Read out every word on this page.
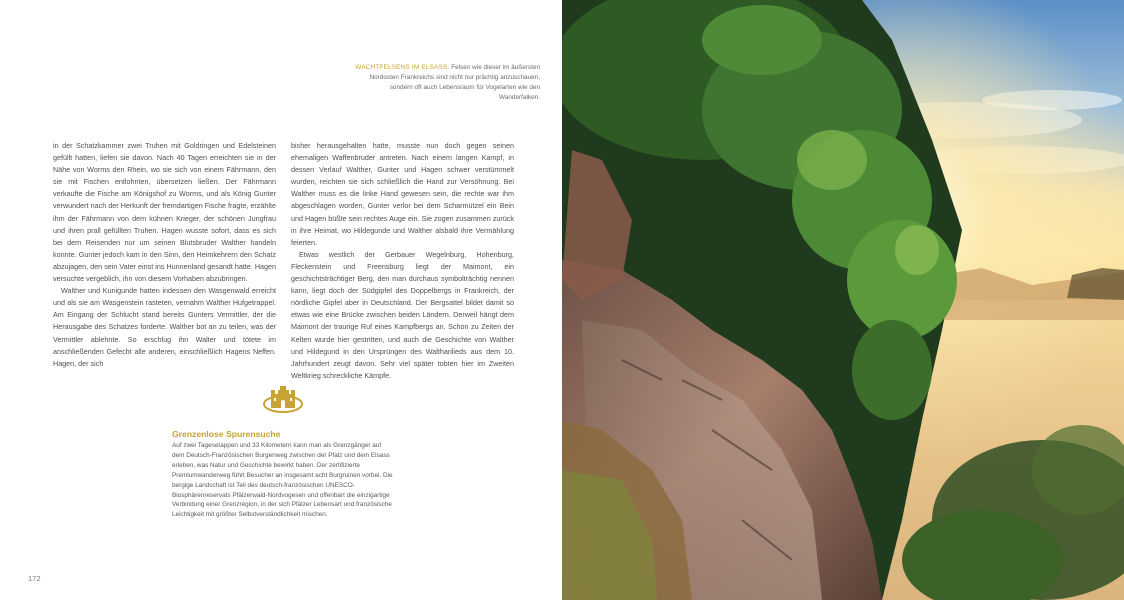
WACHTFELSENS IM ELSASS: Felsen wie dieser im äußersten Nordosten Frankreichs sind nicht nur prächtig anzuschauen, sondern oft auch Lebensraum für Vogelarten wie den Wanderfalken.

in der Schatzkammer zwei Truhen mit Goldringen und Edelsteinen gefüllt hatten, liefen sie davon. Nach 40 Tagen erreichten sie in der Nähe von Worms den Rhein, wo sie sich von einem Fährmann, den sie mit Fischen entlohnten, übersetzen ließen. Der Fährmann verkaufte die Fische am Königshof zu Worms, und als König Gunter verwundert nach der Herkunft der fremdartigen Fische fragte, erzählte ihm der Fährmann von dem kühnen Krieger, der schönen Jungfrau und ihren prall gefüllten Truhen. Hagen wusste sofort, dass es sich bei dem Reisenden nur um seinen Blutsbruder Walther handeln konnte. Gunter jedoch kam in den Sinn, den Heimkehrern den Schatz abzujagen, den sein Vater einst ins Hunnenland gesandt hatte. Hagen versuchte vergeblich, ihn von diesem Vorhaben abzubringen.

Walther und Kunigunde hatten indessen den Wasgenwald erreicht und als sie am Wasgenstein rasteten, vernahm Walther Hufgetrappel. Am Eingang der Schlucht stand bereits Gunters Vermittler, der die Herausgabe des Schatzes forderte. Walther bot an zu teilen, was der Vermittler ablehnte. So erschlug ihn Walter und tötete im anschließenden Gefecht alle anderen, einschließlich Hagens Neffen. Hagen, der sich

bisher herausgehalten hatte, musste nun doch gegen seinen ehemaligen Waffenbruder antreten. Nach einem langen Kampf, in dessen Verlauf Walther, Gunter und Hagen schwer verstümmelt wurden, reichten sie sich schließlich die Hand zur Versöhnung. Bei Walther muss es die linke Hand gewesen sein, die rechte war ihm abgeschlagen worden, Gunter verlor bei dem Scharmützel ein Bein und Hagen büßte sein rechtes Auge ein. Sie zogen zusammen zurück in ihre Heimat, wo Hildegunde und Walther alsbald ihre Vermählung feierten.

Etwas westlich der Gerbauer Wegelnburg, Hohenburg, Fleckenstein und Freensburg liegt der Maimont, ein geschichtsträchtiger Berg, den man durchaus symbolträchtig nennen kann, liegt doch der Südgipfel des Doppelbergs in Frankreich, der nördliche Gipfel aber in Deutschland. Der Bergsattel bildet damit so etwas wie eine Brücke zwischen beiden Ländern. Derweil hängt dem Maimont der traurige Ruf eines Kampfbergs an. Schon zu Zeiten der Kelten wurde hier gestritten, und auch die Geschichte von Walther und Hildegund in den Ursprüngen des Waltharilieds aus dem 10. Jahrhundert zeugt davon. Sehr viel später tobten hier im Zweiten Weltkrieg schreckliche Kämpfe.

Grenzenlose Spurensuche
Auf zwei Tagesetappen und 33 Kilometern kann man als Grenzgänger auf dem Deutsch-Französischen Burgenweg zwischen der Pfalz und dem Elsass erleben, was Natur und Geschichte bewirkt haben. Der zertifizierte Premiumwanderweg führt Besucher an insgesamt acht Burgruinen vorbei. Die bergige Landschaft ist Teil des deutsch-französischen UNESCO-Biosphärenreservats Pfälzerwald-Nordvogesen und offenbart die einzigartige Verbindung einer Grenzregion, in der sich Pfälzer Lebensart und französische Leichtigkeit mit größter Selbstverständlichkeit mischen.
172
